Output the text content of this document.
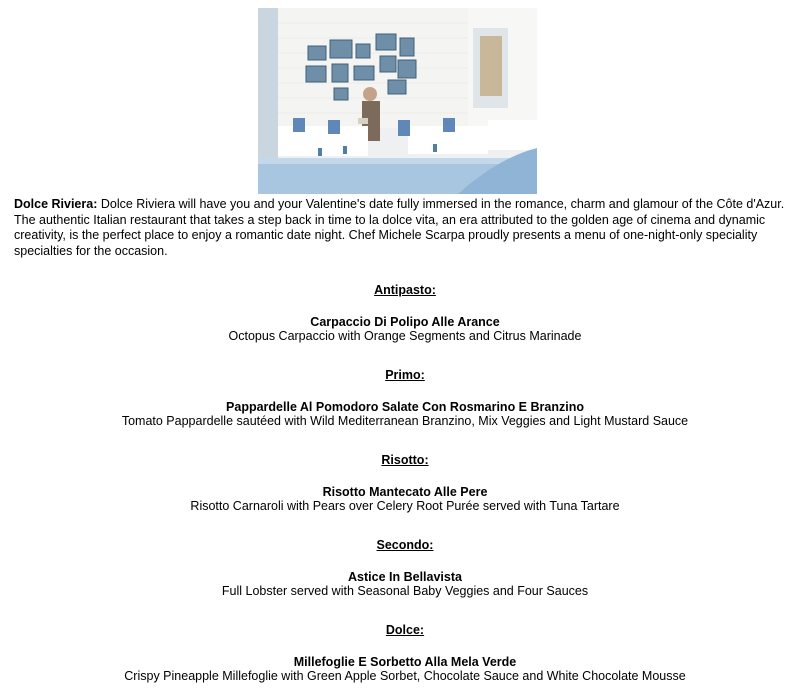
Dolce Riviera: Dolce Riviera will have you and your Valentine's date fully immersed in the romance, charm and glamour of the Côte d'Azur. The authentic Italian restaurant that takes a step back in time to la dolce vita, an era attributed to the golden age of cinema and dynamic creativity, is the perfect place to enjoy a romantic date night. Chef Michele Scarpa proudly presents a menu of one-night-only speciality specialties for the occasion.
Antipasto:
Carpaccio Di Polipo Alle Arance
Octopus Carpaccio with Orange Segments and Citrus Marinade
Primo:
Pappardelle Al Pomodoro Salate Con Rosmarino E Branzino
Tomato Pappardelle sautéed with Wild Mediterranean Branzino, Mix Veggies and Light Mustard Sauce
Risotto:
Risotto Mantecato Alle Pere
Risotto Carnaroli with Pears over Celery Root Purée served with Tuna Tartare
Secondo:
Astice In Bellavista
Full Lobster served with Seasonal Baby Veggies and Four Sauces
Dolce:
Millefoglie E Sorbetto Alla Mela Verde
Crispy Pineapple Millefoglie with Green Apple Sorbet, Chocolate Sauce and White Chocolate Mousse
